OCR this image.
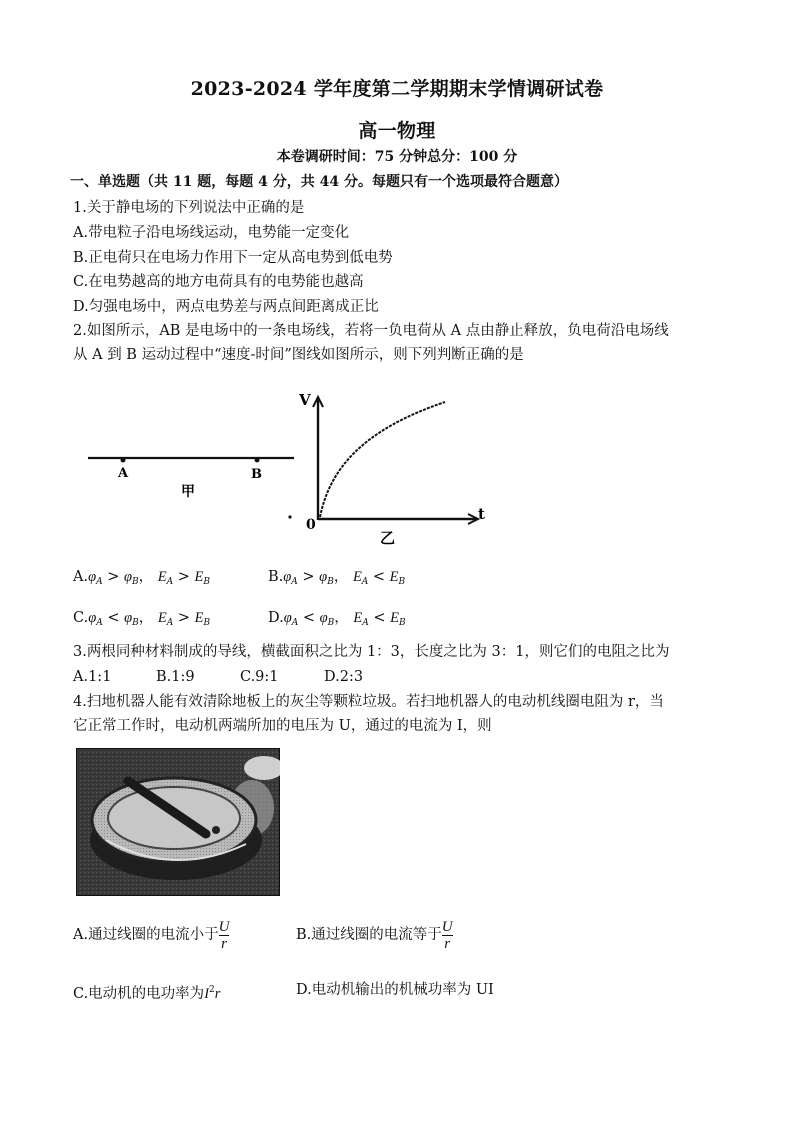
2023-2024 学年度第二学期期末学情调研试卷
高一物理
本卷调研时间：75 分钟总分：100 分
一、单选题（共 11 题，每题 4 分，共 44 分。每题只有一个选项最符合题意）
1.关于静电场的下列说法中正确的是
A.带电粒子沿电场线运动，电势能一定变化
B.正电荷只在电场力作用下一定从高电势到低电势
C.在电势越高的地方电荷具有的电势能也越高
D.匀强电场中，两点电势差与两点间距离成正比
2.如图所示，AB 是电场中的一条电场线，若将一负电荷从 A 点由静止释放，负电荷沿电场线
从 A 到 B 运动过程中“速度-时间”图线如图所示，则下列判断正确的是
A	B
甲
V
t
0
乙
$A.\varphi_A > \varphi_B$， $E_A > E_B$	$B.\varphi_A > \varphi_B$， $E_A < E_B$
$C.\varphi_A < \varphi_B$， $E_A > E_B$	$D.\varphi_A < \varphi_B$， $E_A < E_B$
3.两根同种材料制成的导线，横截面积之比为 1：3，长度之比为 3：1，则它们的电阻之比为
A.1:1	B.1:9	C.9:1	D.2:3
4.扫地机器人能有效清除地板上的灰尘等颗粒垃圾。若扫地机器人的电动机线圈电阻为 r，当
它正常工作时，电动机两端所加的电压为 U，通过的电流为 I，则
A.通过线圈的电流小于 $\frac{U}{r}$	B.通过线圈的电流等于 $\frac{U}{r}$
C.电动机的电功率为$I^2r$	D.电动机输出的机械功率为 UI
